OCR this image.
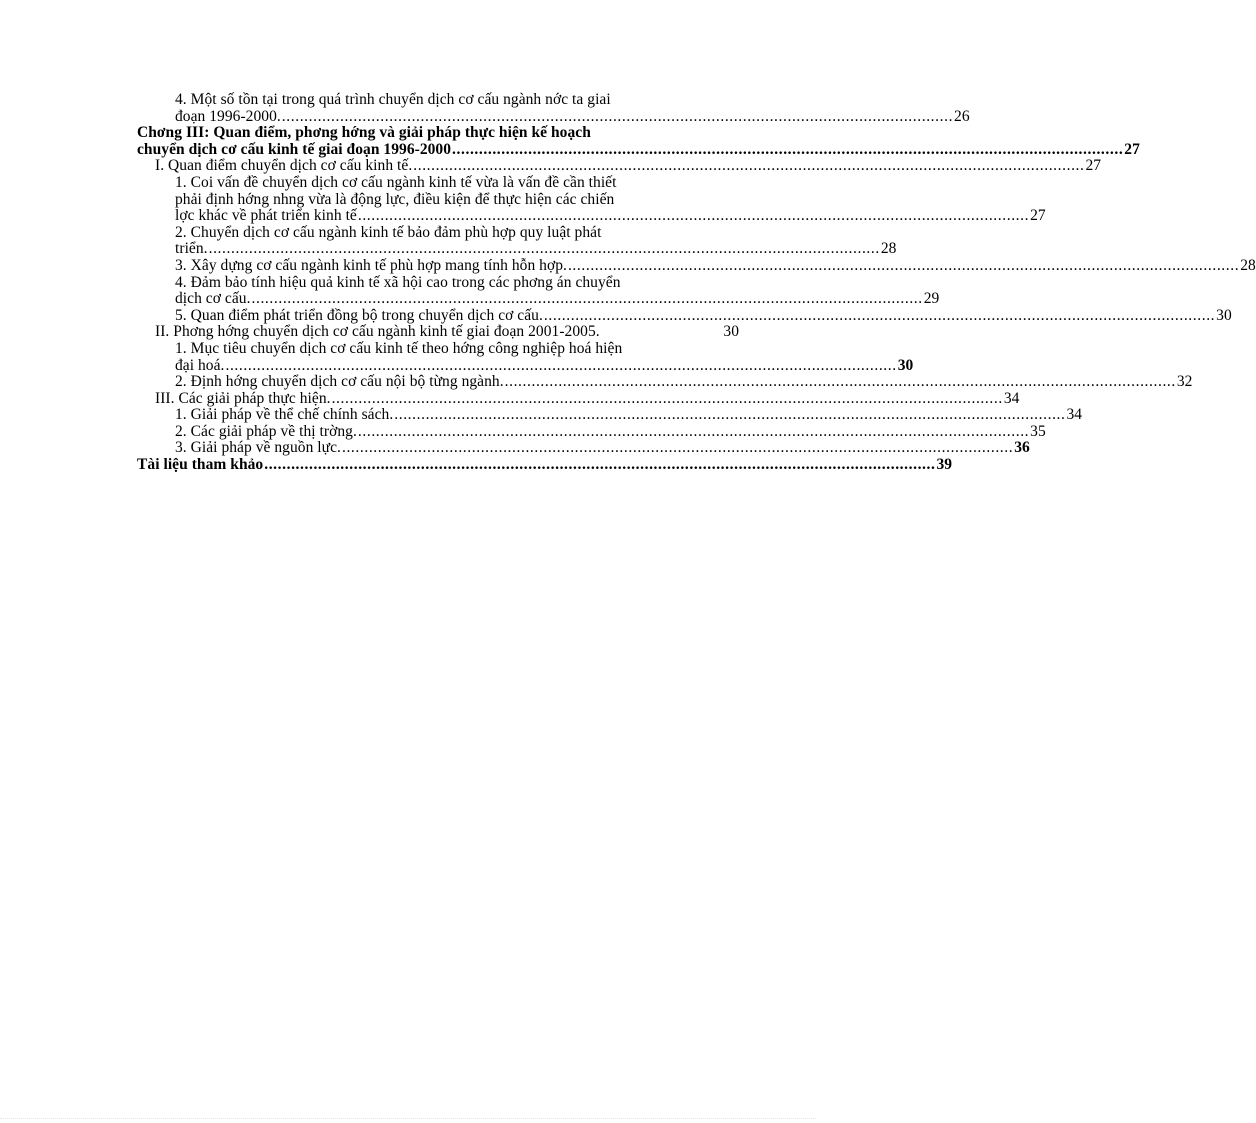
4. Một số tồn tại trong quá trình chuyển dịch cơ cấu ngành nớc ta giai
đoạn 1996-2000. ...................................................................................................................................................... 26
Chơng III: Quan điểm, phơng hớng và giải pháp thực hiện kế hoạch
chuyển dịch cơ cấu kinh tế giai đoạn 1996-2000 ...................................................................................................................................................... 27
I. Quan điểm chuyển dịch cơ cấu kinh tế. ...................................................................................................................................................... 27
1. Coi vấn đề chuyển dịch cơ cấu ngành kinh tế vừa là vấn đề cần thiết
phải định hớng nhng vừa là động lực, điều kiện để thực hiện các chiến
lợc khác về phát triển kinh tế ...................................................................................................................................................... 27
2. Chuyển dịch cơ cấu ngành kinh tế bảo đảm phù hợp quy luật phát
triển. ...................................................................................................................................................... 28
3. Xây dựng cơ cấu ngành kinh tế phù hợp mang tính hỗn hợp. ...................................................................................................................................................... 28
4. Đảm bảo tính hiệu quả kinh tế xã hội cao trong các phơng án chuyển
dịch cơ cấu. ...................................................................................................................................................... 29
5. Quan điểm phát triển đồng bộ trong chuyển dịch cơ cấu. ...................................................................................................................................................... 30
II. Phơng hớng chuyển dịch cơ cấu ngành kinh tế giai đoạn 2001-2005.	30
1. Mục tiêu chuyển dịch cơ cấu kinh tế theo hớng công nghiệp hoá hiện
đại hoá. ...................................................................................................................................................... 30
2. Định hớng chuyển dịch cơ cấu nội bộ từng ngành. ...................................................................................................................................................... 32
III. Các giải pháp thực hiện. ...................................................................................................................................................... 34
1. Giải pháp về thể chế chính sách. ...................................................................................................................................................... 34
2. Các giải pháp về thị trờng. ...................................................................................................................................................... 35
3. Giải pháp về nguồn lực. ...................................................................................................................................................... 36
Tài liệu tham khảo ...................................................................................................................................................... 39
